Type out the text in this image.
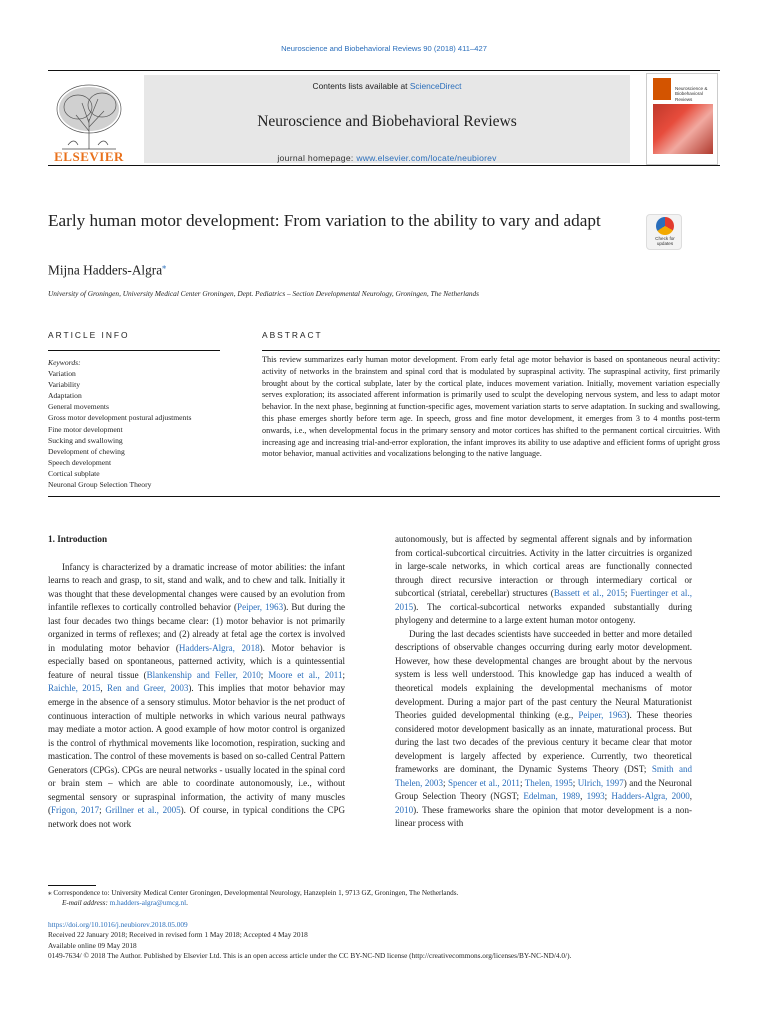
Neuroscience and Biobehavioral Reviews 90 (2018) 411–427
ELSEVIER
Contents lists available at ScienceDirect
Neuroscience and Biobehavioral Reviews
journal homepage: www.elsevier.com/locate/neubiorev
Neuroscience & Biobehavioral Reviews
Early human motor development: From variation to the ability to vary and adapt
Check for updates
Mijna Hadders-Algra⁎
University of Groningen, University Medical Center Groningen, Dept. Pediatrics – Section Developmental Neurology, Groningen, The Netherlands
ARTICLE INFO	ABSTRACT
Keywords:
Variation
Variability
Adaptation
General movements
Gross motor development postural adjustments
Fine motor development
Sucking and swallowing
Development of chewing
Speech development
Cortical subplate
Neuronal Group Selection Theory
This review summarizes early human motor development. From early fetal age motor behavior is based on spontaneous neural activity: activity of networks in the brainstem and spinal cord that is modulated by supraspinal activity. The supraspinal activity, first primarily brought about by the cortical subplate, later by the cortical plate, induces movement variation. Initially, movement variation especially serves exploration; its associated afferent information is primarily used to sculpt the developing nervous system, and less to adapt motor behavior. In the next phase, beginning at function-specific ages, movement variation starts to serve adaptation. In sucking and swallowing, this phase emerges shortly before term age. In speech, gross and fine motor development, it emerges from 3 to 4 months post-term onwards, i.e., when developmental focus in the primary sensory and motor cortices has shifted to the permanent cortical circuitries. With increasing age and increasing trial-and-error exploration, the infant improves its ability to use adaptive and efficient forms of upright gross motor behavior, manual activities and vocalizations belonging to the native language.
1. Introduction

Infancy is characterized by a dramatic increase of motor abilities: the infant learns to reach and grasp, to sit, stand and walk, and to chew and talk. Initially it was thought that these developmental changes were caused by an evolution from infantile reflexes to cortically controlled behavior (Peiper, 1963). But during the last four decades two things became clear: (1) motor behavior is not primarily organized in terms of reflexes; and (2) already at fetal age the cortex is involved in modulating motor behavior (Hadders-Algra, 2018). Motor behavior is especially based on spontaneous, patterned activity, which is a quintessential feature of neural tissue (Blankenship and Feller, 2010; Moore et al., 2011; Raichle, 2015, Ren and Greer, 2003). This implies that motor behavior may emerge in the absence of a sensory stimulus. Motor behavior is the net product of continuous interaction of multiple networks in which various neural pathways may mediate a motor action. A good example of how motor control is organized is the control of rhythmical movements like locomotion, respiration, sucking and mastication. The control of these movements is based on so-called Central Pattern Generators (CPGs). CPGs are neural networks - usually located in the spinal cord or brain stem – which are able to coordinate autonomously, i.e., without segmental sensory or supraspinal information, the activity of many muscles (Frigon, 2017; Grillner et al., 2005). Of course, in typical conditions the CPG network does not work

autonomously, but is affected by segmental afferent signals and by information from cortical-subcortical circuitries. Activity in the latter circuitries is organized in large-scale networks, in which cortical areas are functionally connected through direct recursive interaction or through intermediary cortical or subcortical (striatal, cerebellar) structures (Bassett et al., 2015; Fuertinger et al., 2015). The cortical-subcortical networks expanded substantially during phylogeny and determine to a large extent human motor ontogeny.

During the last decades scientists have succeeded in better and more detailed descriptions of observable changes occurring during early motor development. However, how these developmental changes are brought about by the nervous system is less well understood. This knowledge gap has induced a wealth of theoretical models explaining the developmental mechanisms of motor development. During a major part of the past century the Neural Maturationist Theories guided developmental thinking (e.g., Peiper, 1963). These theories considered motor development basically as an innate, maturational process. But during the last two decades of the previous century it became clear that motor development is largely affected by experience. Currently, two theoretical frameworks are dominant, the Dynamic Systems Theory (DST; Smith and Thelen, 2003; Spencer et al., 2011; Thelen, 1995; Ulrich, 1997) and the Neuronal Group Selection Theory (NGST; Edelman, 1989, 1993; Hadders-Algra, 2000, 2010). These frameworks share the opinion that motor development is a non-linear process with

⁎ Correspondence to: University Medical Center Groningen, Developmental Neurology, Hanzeplein 1, 9713 GZ, Groningen, The Netherlands.
E-mail address: m.hadders-algra@umcg.nl.
https://doi.org/10.1016/j.neubiorev.2018.05.009
Received 22 January 2018; Received in revised form 1 May 2018; Accepted 4 May 2018
Available online 09 May 2018
0149-7634/ © 2018 The Author. Published by Elsevier Ltd. This is an open access article under the CC BY-NC-ND license (http://creativecommons.org/licenses/BY-NC-ND/4.0/).
